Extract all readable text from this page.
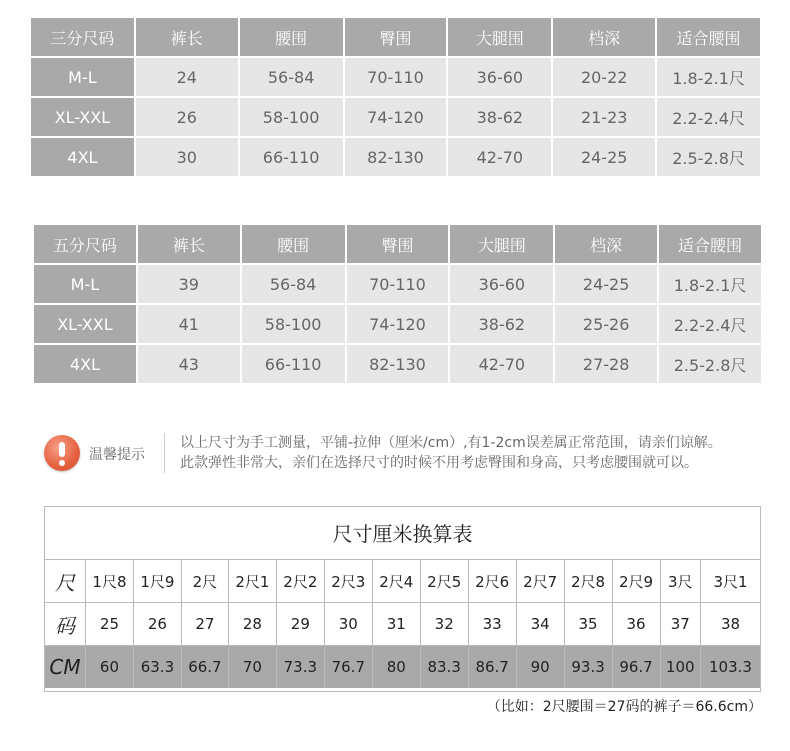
三分尺码	裤长	腰围	臀围	大腿围	档深	适合腰围
M-L	24	56-84	70-110	36-60	20-22	1.8-2.1尺
XL-XXL	26	58-100	74-120	38-62	21-23	2.2-2.4尺
4XL	30	66-110	82-130	42-70	24-25	2.5-2.8尺
五分尺码	裤长	腰围	臀围	大腿围	档深	适合腰围
M-L	39	56-84	70-110	36-60	24-25	1.8-2.1尺
XL-XXL	41	58-100	74-120	38-62	25-26	2.2-2.4尺
4XL	43	66-110	82-130	42-70	27-28	2.5-2.8尺
温馨提示
以上尺寸为手工测量，平铺-拉伸（厘米/cm）,有1-2cm误差属正常范围，请亲们谅解。
此款弹性非常大，亲们在选择尺寸的时候不用考虑臀围和身高，只考虑腰围就可以。
尺寸厘米换算表
尺	1尺8	1尺9	2尺	2尺1	2尺2	2尺3	2尺4	2尺5	2尺6	2尺7	2尺8	2尺9	3尺	3尺1
码	25	26	27	28	29	30	31	32	33	34	35	36	37	38
CM	60	63.3	66.7	70	73.3	76.7	80	83.3	86.7	90	93.3	96.7	100	103.3
（比如：2尺腰围＝27码的裤子＝66.6cm）
